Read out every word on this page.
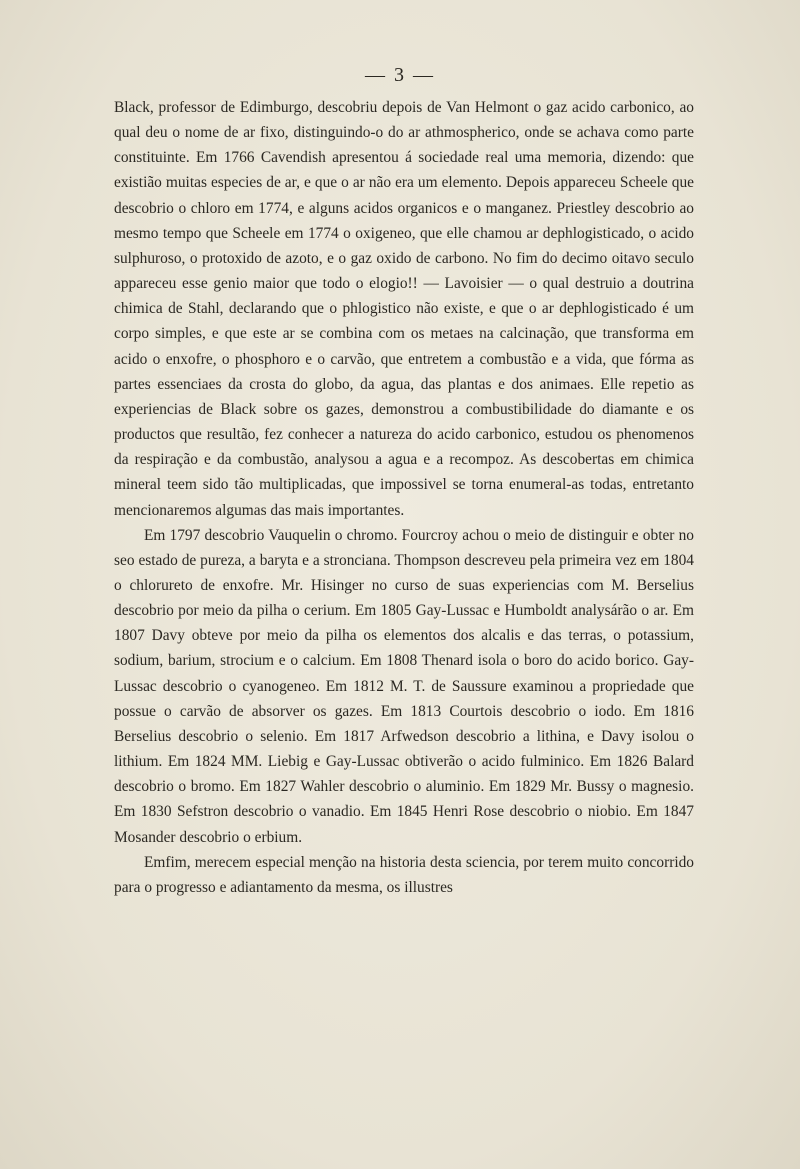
— 3 —

Black, professor de Edimburgo, descobriu depois de Van Helmont o gaz acido carbonico, ao qual deu o nome de ar fixo, distinguindo-o do ar athmospherico, onde se achava como parte constituinte. Em 1766 Cavendish apresentou á sociedade real uma memoria, dizendo: que existião muitas especies de ar, e que o ar não era um elemento. Depois appareceu Scheele que descobrio o chloro em 1774, e alguns acidos organicos e o manganez. Priestley descobrio ao mesmo tempo que Scheele em 1774 o oxigeneo, que elle chamou ar dephlogisticado, o acido sulphuroso, o protoxido de azoto, e o gaz oxido de carbono. No fim do decimo oitavo seculo appareceu esse genio maior que todo o elogio!! — Lavoisier — o qual destruio a doutrina chimica de Stahl, declarando que o phlogistico não existe, e que o ar dephlogisticado é um corpo simples, e que este ar se combina com os metaes na calcinação, que transforma em acido o enxofre, o phosphoro e o carvão, que entretem a combustão e a vida, que fórma as partes essenciaes da crosta do globo, da agua, das plantas e dos animaes. Elle repetio as experiencias de Black sobre os gazes, demonstrou a combustibilidade do diamante e os productos que resultão, fez conhecer a natureza do acido carbonico, estudou os phenomenos da respiração e da combustão, analysou a agua e a recompoz. As descobertas em chimica mineral teem sido tão multiplicadas, que impossivel se torna enumeral-as todas, entretanto mencionaremos algumas das mais importantes.

Em 1797 descobrio Vauquelin o chromo. Fourcroy achou o meio de distinguir e obter no seo estado de pureza, a baryta e a stronciana. Thompson descreveu pela primeira vez em 1804 o chlorureto de enxofre. Mr. Hisinger no curso de suas experiencias com M. Berselius descobrio por meio da pilha o cerium. Em 1805 Gay-Lussac e Humboldt analysárão o ar. Em 1807 Davy obteve por meio da pilha os elementos dos alcalis e das terras, o potassium, sodium, barium, strocium e o calcium. Em 1808 Thenard isola o boro do acido borico. Gay-Lussac descobrio o cyanogeneo. Em 1812 M. T. de Saussure examinou a propriedade que possue o carvão de absorver os gazes. Em 1813 Courtois descobrio o iodo. Em 1816 Berselius descobrio o selenio. Em 1817 Arfwedson descobrio a lithina, e Davy isolou o lithium. Em 1824 MM. Liebig e Gay-Lussac obtiverão o acido fulminico. Em 1826 Balard descobrio o bromo. Em 1827 Wahler descobrio o aluminio. Em 1829 Mr. Bussy o magnesio. Em 1830 Sefstron descobrio o vanadio. Em 1845 Henri Rose descobrio o niobio. Em 1847 Mosander descobrio o erbium.

Emfim, merecem especial menção na historia desta sciencia, por terem muito concorrido para o progresso e adiantamento da mesma, os illustres
